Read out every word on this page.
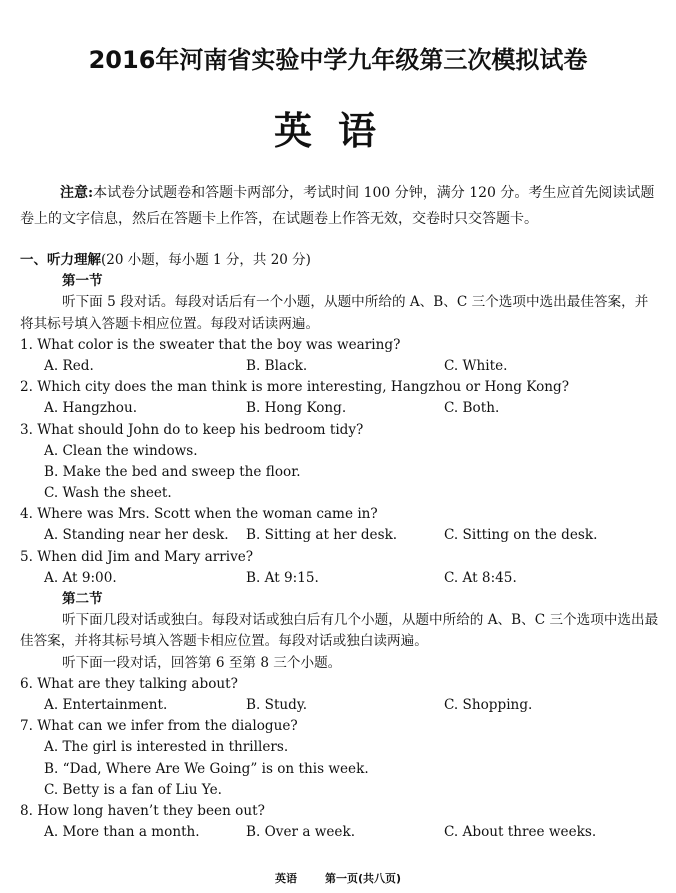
2016年河南省实验中学九年级第三次模拟试卷
英语
注意:本试卷分试题卷和答题卡两部分，考试时间 100 分钟，满分 120 分。考生应首先阅读试题卷上的文字信息，然后在答题卡上作答，在试题卷上作答无效，交卷时只交答题卡。
一、听力理解(20 小题，每小题 1 分，共 20 分)
第一节
听下面 5 段对话。每段对话后有一个小题，从题中所给的 A、B、C 三个选项中选出最佳答案，并将其标号填入答题卡相应位置。每段对话读两遍。
1. What color is the sweater that the boy was wearing?
A. Red.	B. Black.	C. White.
2. Which city does the man think is more interesting, Hangzhou or Hong Kong?
A. Hangzhou.	B. Hong Kong.	C. Both.
3. What should John do to keep his bedroom tidy?
A. Clean the windows.
B. Make the bed and sweep the floor.
C. Wash the sheet.
4. Where was Mrs. Scott when the woman came in?
A. Standing near her desk.	B. Sitting at her desk.	C. Sitting on the desk.
5. When did Jim and Mary arrive?
A. At 9:00.	B. At 9:15.	C. At 8:45.
第二节
听下面几段对话或独白。每段对话或独白后有几个小题，从题中所给的 A、B、C 三个选项中选出最佳答案，并将其标号填入答题卡相应位置。每段对话或独白读两遍。
听下面一段对话，回答第 6 至第 8 三个小题。
6. What are they talking about?
A. Entertainment.	B. Study.	C. Shopping.
7. What can we infer from the dialogue?
A. The girl is interested in thrillers.
B. “Dad, Where Are We Going” is on this week.
C. Betty is a fan of Liu Ye.
8. How long haven’t they been out?
A. More than a month.	B. Over a week.	C. About three weeks.
英语	第一页(共八页)
